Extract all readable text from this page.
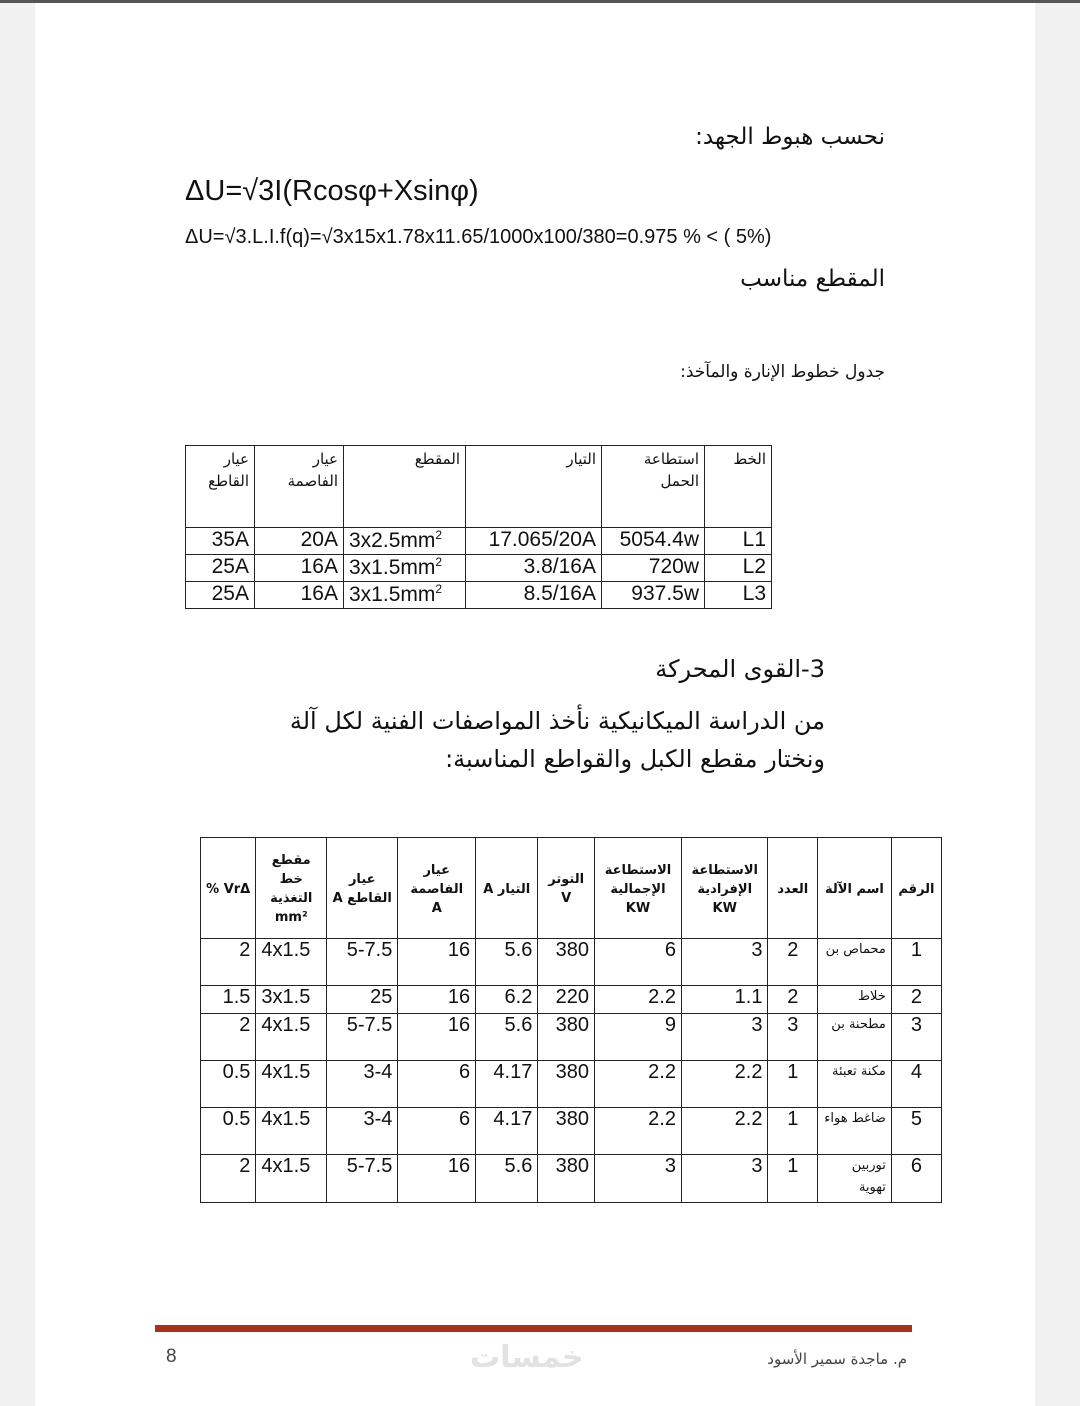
نحسب هبوط الجهد:
ΔU=√3I(Rcosφ+Xsinφ)
ΔU=√3.L.I.f(q)=√3x15x1.78x11.65/1000x100/380=0.975 % < ( 5%)
المقطع مناسب
جدول خطوط الإنارة والمآخذ:
الخط	استطاعة الحمل	التيار	المقطع	عيار الفاصمة	عيار القاطع
L1	5054.4w	17.065/20A	$3x2.5mm^2$	20A	35A
L2	720w	3.8/16A	$3x1.5mm^2$	16A	25A
L3	937.5w	8.5/16A	$3x1.5mm^2$	16A	25A
3-القوى المحركة
من الدراسة الميكانيكية نأخذ المواصفات الفنية لكل آلة ونختار مقطع الكبل والقواطع المناسبة:
الرقم	اسم الآلة	العدد	الاستطاعة الإفرادية KW	الاستطاعة الإجمالية KW	التوتر V	التيار A	عيار الفاصمة A	عيار القاطع A	مقطع خط التغذية mm²	VrΔ %
1	محماص بن	2	3	6	380	5.6	16	5-7.5	4x1.5	2
2	خلاط	2	1.1	2.2	220	6.2	16	25	3x1.5	1.5
3	مطحنة بن	3	3	9	380	5.6	16	5-7.5	4x1.5	2
4	مكنة تعبئة	1	2.2	2.2	380	4.17	6	3-4	4x1.5	0.5
5	ضاغط هواء	1	2.2	2.2	380	4.17	6	3-4	4x1.5	0.5
6	توربين تهوية	1	3	3	380	5.6	16	5-7.5	4x1.5	2
8	خمسات	م. ماجدة سمير الأسود
